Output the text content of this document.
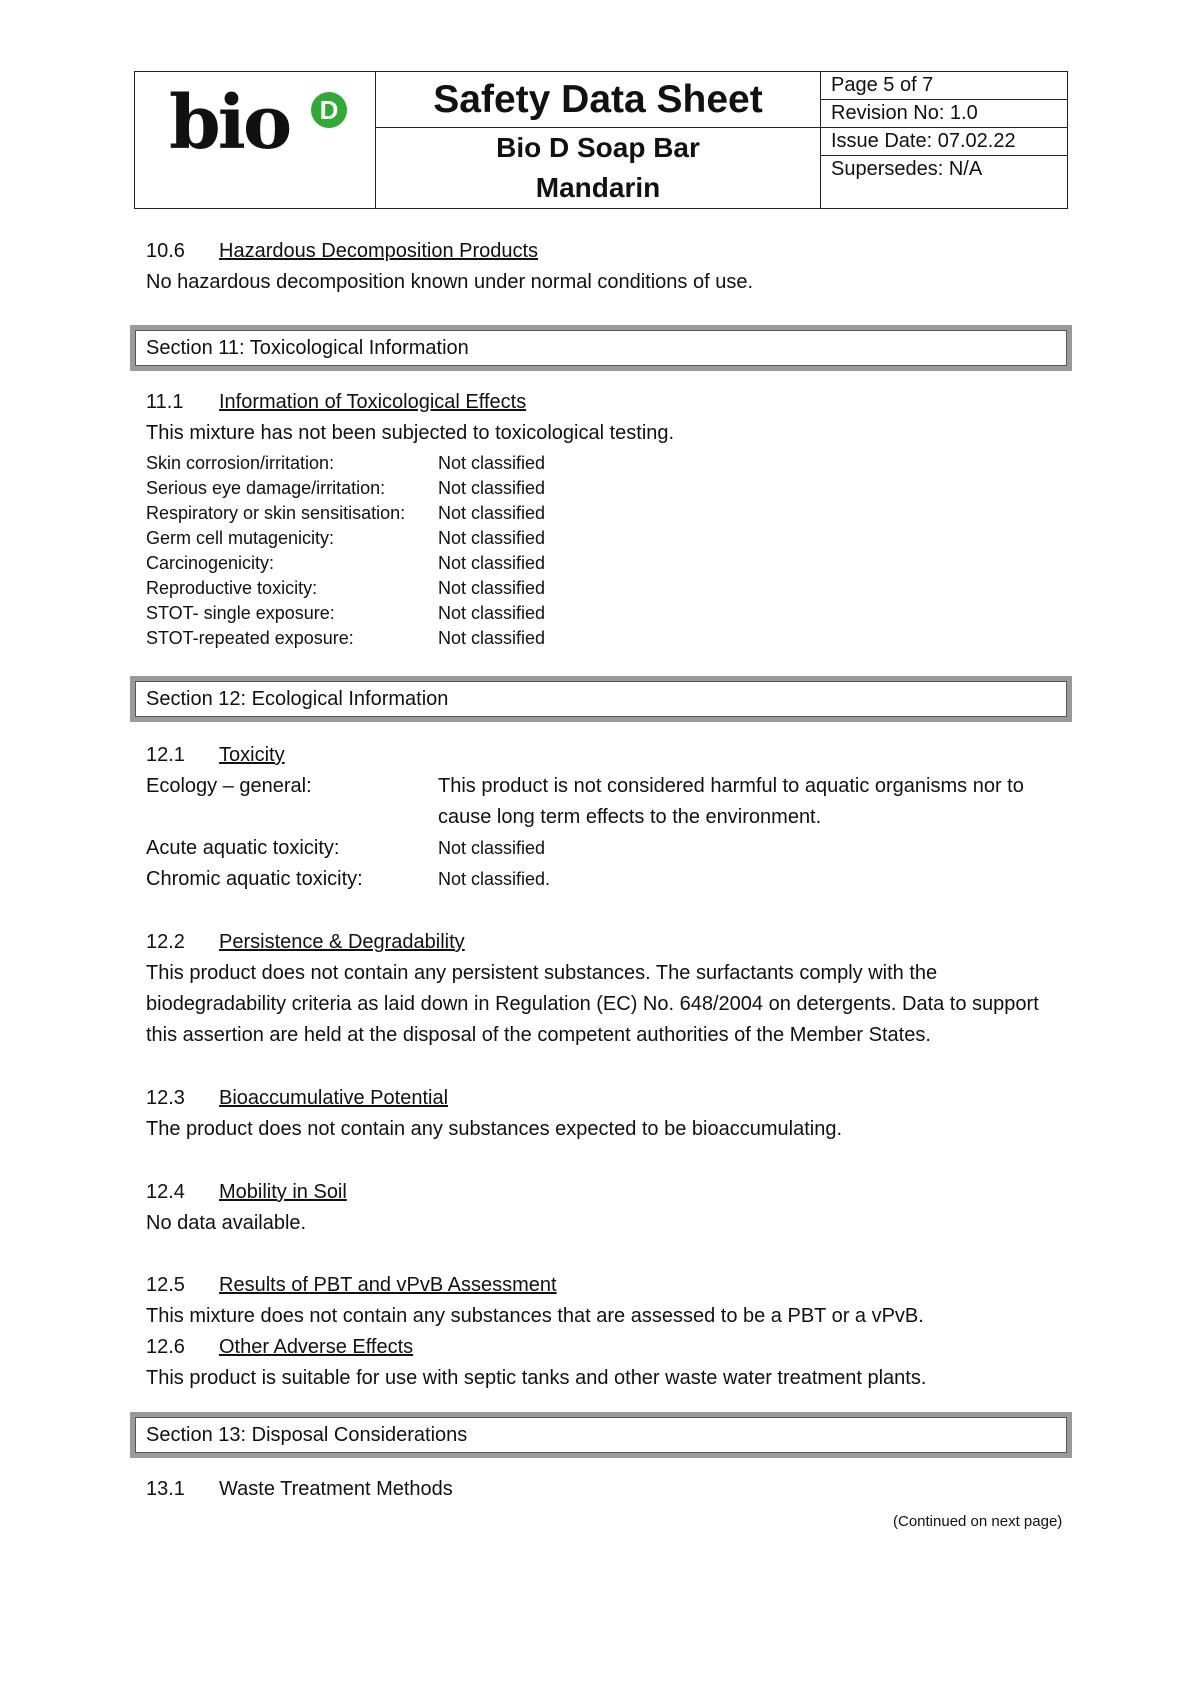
bio	D	Safety Data Sheet
Bio D Soap Bar
Mandarin
Page 5 of 7
Revision No: 1.0
Issue Date: 07.02.22
Supersedes: N/A
10.6	Hazardous Decomposition Products

No hazardous decomposition known under normal conditions of use.

Section 11: Toxicological Information
11.1	Information of Toxicological Effects

This mixture has not been subjected to toxicological testing.

Skin corrosion/irritation:	Not classified
Serious eye damage/irritation:	Not classified
Respiratory or skin sensitisation:	Not classified
Germ cell mutagenicity:	Not classified
Carcinogenicity:	Not classified
Reproductive toxicity:	Not classified
STOT- single exposure:	Not classified
STOT-repeated exposure:	Not classified
Section 12: Ecological Information
12.1	Toxicity
Ecology – general:	This product is not considered harmful to aquatic organisms nor to cause long term effects to the environment.
Acute aquatic toxicity:	Not classified
Chromic aquatic toxicity:	Not classified.
12.2	Persistence & Degradability

This product does not contain any persistent substances. The surfactants comply with the biodegradability criteria as laid down in Regulation (EC) No. 648/2004 on detergents. Data to support this assertion are held at the disposal of the competent authorities of the Member States.

12.3	Bioaccumulative Potential

The product does not contain any substances expected to be bioaccumulating.

12.4	Mobility in Soil

No data available.

12.5	Results of PBT and vPvB Assessment

This mixture does not contain any substances that are assessed to be a PBT or a vPvB.

12.6	Other Adverse Effects

This product is suitable for use with septic tanks and other waste water treatment plants.

Section 13: Disposal Considerations
13.1	Waste Treatment Methods
(Continued on next page)
